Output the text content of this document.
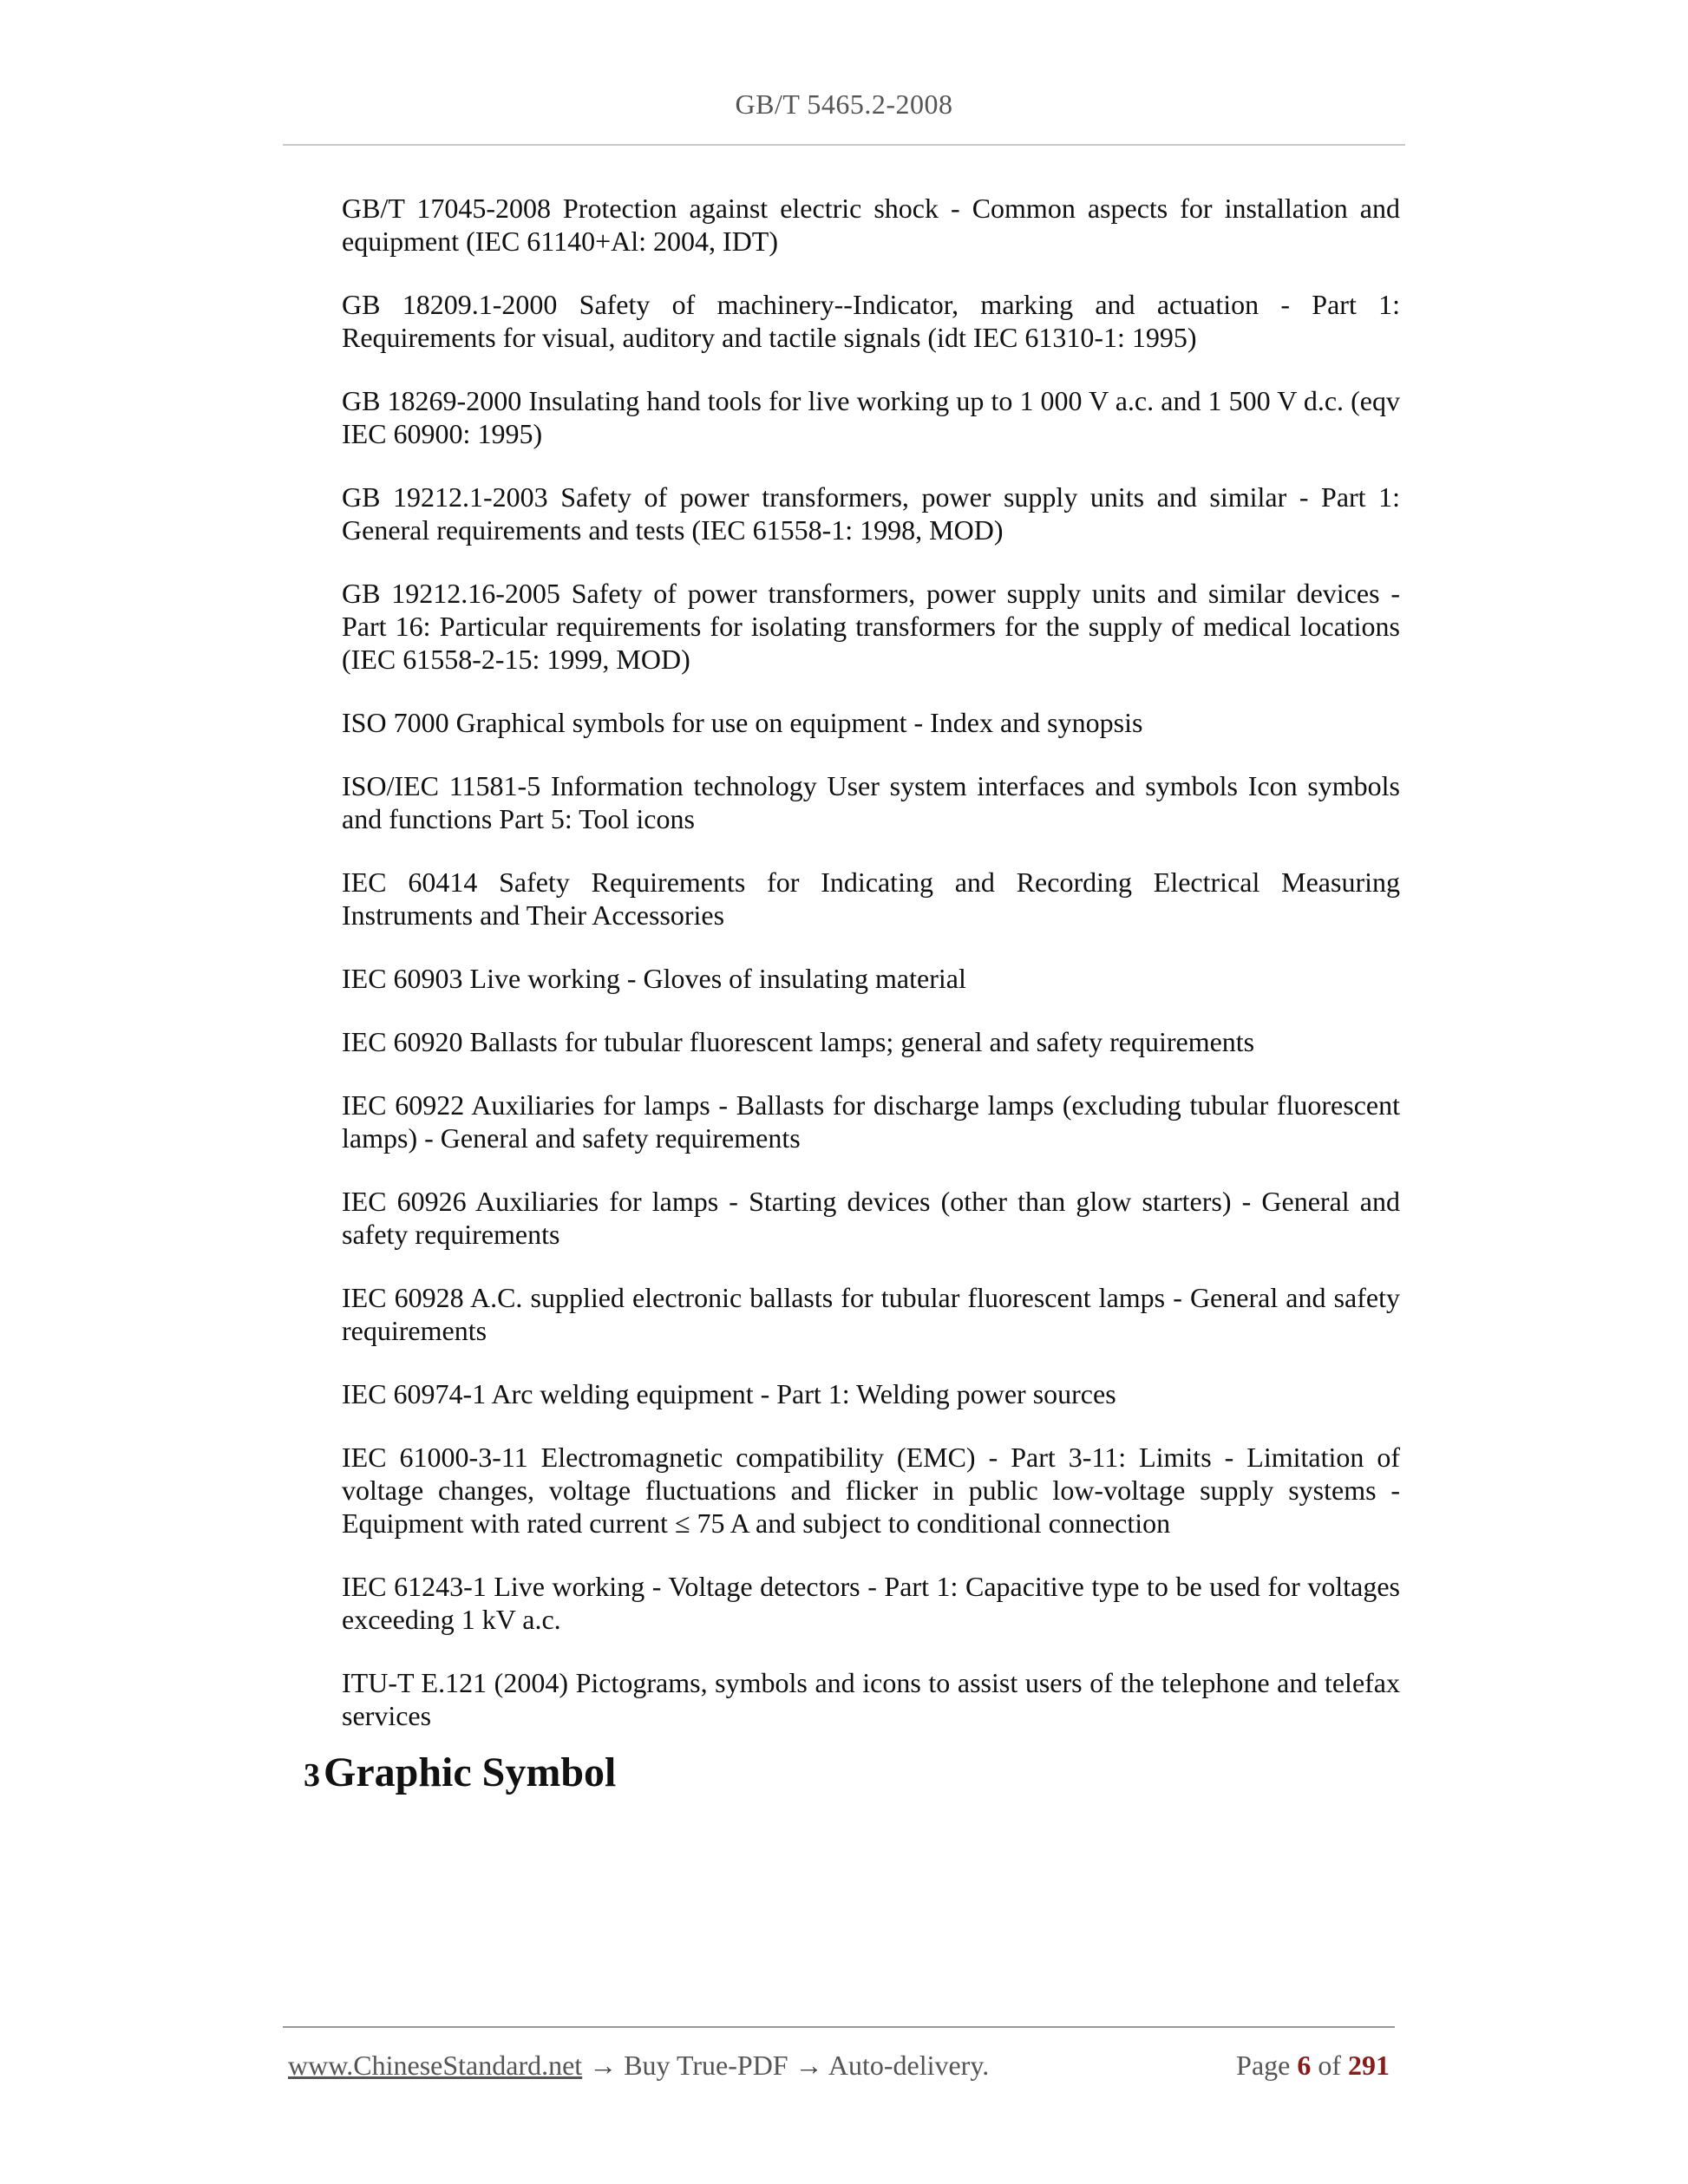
GB/T 5465.2-2008

GB/T 17045-2008 Protection against electric shock - Common aspects for installation and equipment (IEC 61140+Al: 2004, IDT)

GB 18209.1-2000 Safety of machinery--Indicator, marking and actuation - Part 1: Requirements for visual, auditory and tactile signals (idt IEC 61310-1: 1995)

GB 18269-2000 Insulating hand tools for live working up to 1 000 V a.c. and 1 500 V d.c. (eqv IEC 60900: 1995)

GB 19212.1-2003 Safety of power transformers, power supply units and similar - Part 1: General requirements and tests (IEC 61558-1: 1998, MOD)

GB 19212.16-2005 Safety of power transformers, power supply units and similar devices - Part 16: Particular requirements for isolating transformers for the supply of medical locations (IEC 61558-2-15: 1999, MOD)

ISO 7000 Graphical symbols for use on equipment - Index and synopsis

ISO/IEC 11581-5 Information technology User system interfaces and symbols Icon symbols and functions Part 5: Tool icons

IEC 60414 Safety Requirements for Indicating and Recording Electrical Measuring Instruments and Their Accessories

IEC 60903 Live working - Gloves of insulating material

IEC 60920 Ballasts for tubular fluorescent lamps; general and safety requirements

IEC 60922 Auxiliaries for lamps - Ballasts for discharge lamps (excluding tubular fluorescent lamps) - General and safety requirements

IEC 60926 Auxiliaries for lamps - Starting devices (other than glow starters) - General and safety requirements

IEC 60928 A.C. supplied electronic ballasts for tubular fluorescent lamps - General and safety requirements

IEC 60974-1 Arc welding equipment - Part 1: Welding power sources

IEC 61000-3-11 Electromagnetic compatibility (EMC) - Part 3-11: Limits - Limitation of voltage changes, voltage fluctuations and flicker in public low-voltage supply systems - Equipment with rated current ≤ 75 A and subject to conditional connection

IEC 61243-1 Live working - Voltage detectors - Part 1: Capacitive type to be used for voltages exceeding 1 kV a.c.

ITU-T E.121 (2004) Pictograms, symbols and icons to assist users of the telephone and telefax services

3 Graphic Symbol
www.ChineseStandard.net → Buy True-PDF → Auto-delivery.	Page 6 of 291
